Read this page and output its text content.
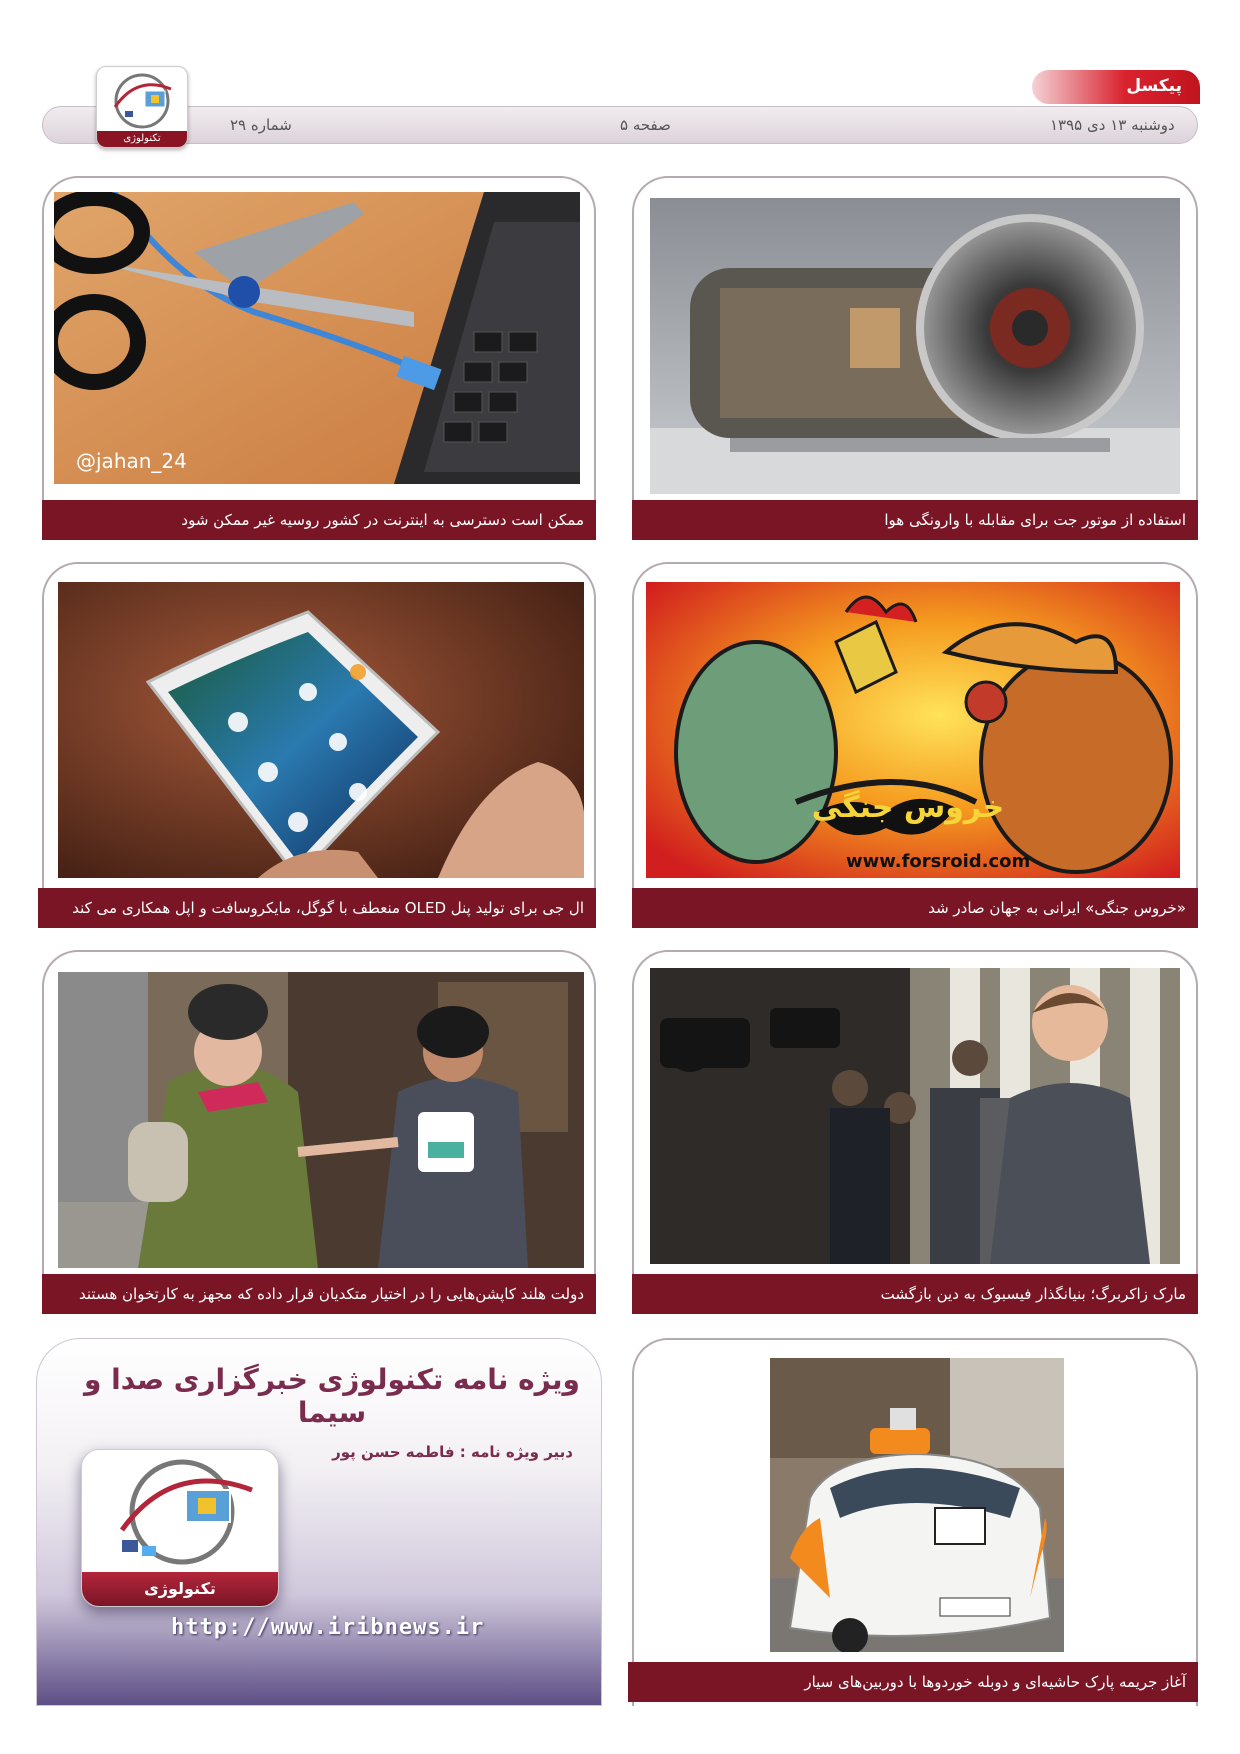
پیکسل
دوشنبه ۱۳ دی ۱۳۹۵
صفحه ۵
شماره ۲۹
تکنولوژی
استفاده از موتور جت برای مقابله با وارونگی هوا
@jahan_24
ممکن است دسترسی به اینترنت در کشور روسیه غیر ممکن شود
خروس جنگی
www.forsroid.com
«خروس جنگی» ایرانی به جهان صادر شد
ال جی برای تولید پنل OLED منعطف با گوگل، مایکروسافت و اپل همکاری می کند
مارک زاکربرگ؛ بنیانگذار فیسبوک به دین بازگشت
دولت هلند کاپشن‌هایی را در اختیار متکدیان قرار داده که مجهز به کارتخوان هستند
آغاز جریمه پارک حاشیه‌ای و دوبله خوردوها با دوربین‌های سیار
ویژه نامه تکنولوژی خبرگزاری صدا و سیما
دبیر ویژه نامه : فاطمه حسن پور
تکنولوژی
http://www.iribnews.ir
